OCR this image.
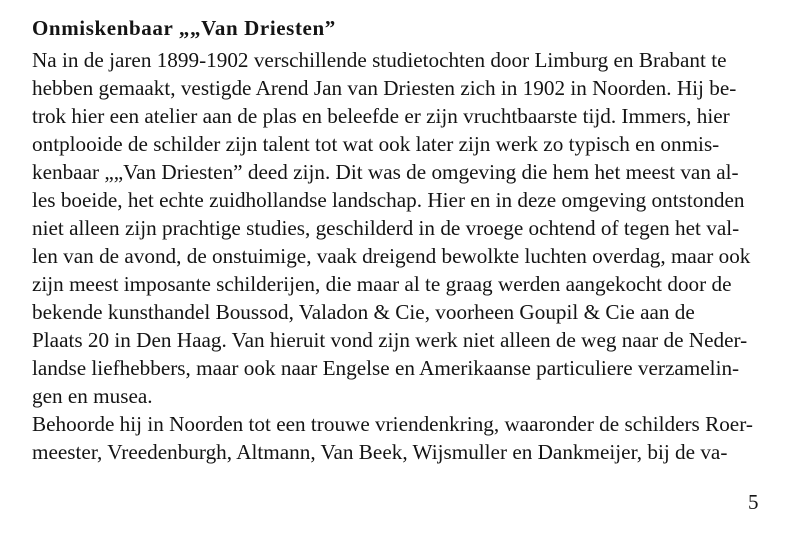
Onmiskenbaar „„Van Driesten”
Na in de jaren 1899-1902 verschillende studietochten door Limburg en Brabant te
hebben gemaakt, vestigde Arend Jan van Driesten zich in 1902 in Noorden. Hij be-
trok hier een atelier aan de plas en beleefde er zijn vruchtbaarste tijd. Immers, hier
ontplooide de schilder zijn talent tot wat ook later zijn werk zo typisch en onmis-
kenbaar „„Van Driesten” deed zijn. Dit was de omgeving die hem het meest van al-
les boeide, het echte zuidhollandse landschap. Hier en in deze omgeving ontstonden
niet alleen zijn prachtige studies, geschilderd in de vroege ochtend of tegen het val-
len van de avond, de onstuimige, vaak dreigend bewolkte luchten overdag, maar ook
zijn meest imposante schilderijen, die maar al te graag werden aangekocht door de
bekende kunsthandel Boussod, Valadon & Cie, voorheen Goupil & Cie aan de
Plaats 20 in Den Haag. Van hieruit vond zijn werk niet alleen de weg naar de Neder-
landse liefhebbers, maar ook naar Engelse en Amerikaanse particuliere verzamelin-
gen en musea.
Behoorde hij in Noorden tot een trouwe vriendenkring, waaronder de schilders Roer-
meester, Vreedenburgh, Altmann, Van Beek, Wijsmuller en Dankmeijer, bij de va-
5
